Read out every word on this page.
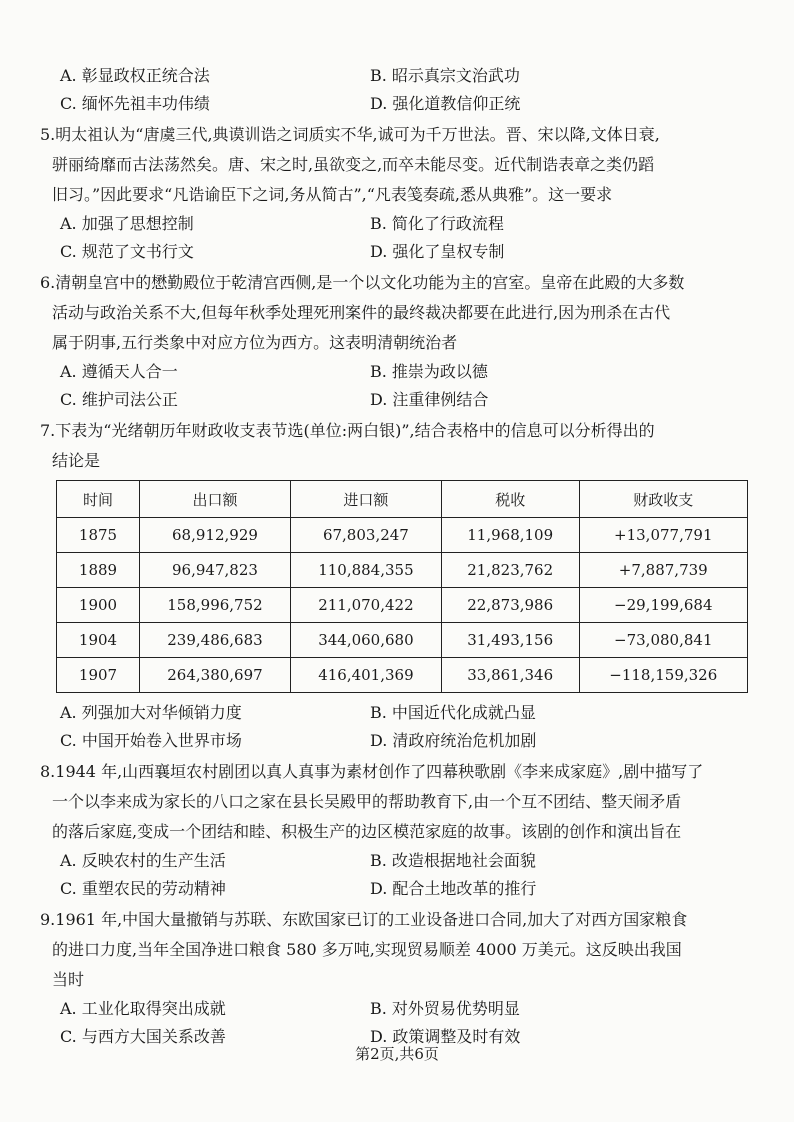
A. 彰显政权正统合法	B. 昭示真宗文治武功
C. 缅怀先祖丰功伟绩	D. 强化道教信仰正统
5.明太祖认为“唐虞三代,典谟训诰之词质实不华,诚可为千万世法。晋、宋以降,文体日衰,
骈丽绮靡而古法荡然矣。唐、宋之时,虽欲变之,而卒未能尽变。近代制诰表章之类仍蹈
旧习。”因此要求“凡诰谕臣下之词,务从简古”,“凡表笺奏疏,悉从典雅”。这一要求
A. 加强了思想控制	B. 简化了行政流程
C. 规范了文书行文	D. 强化了皇权专制
6.清朝皇宫中的懋勤殿位于乾清宫西侧,是一个以文化功能为主的宫室。皇帝在此殿的大多数
活动与政治关系不大,但每年秋季处理死刑案件的最终裁决都要在此进行,因为刑杀在古代
属于阴事,五行类象中对应方位为西方。这表明清朝统治者
A. 遵循天人合一	B. 推崇为政以德
C. 维护司法公正	D. 注重律例结合
7.下表为“光绪朝历年财政收支表节选(单位:两白银)”,结合表格中的信息可以分析得出的
结论是
时间	出口额	进口额	税收	财政收支
1875	68,912,929	67,803,247	11,968,109	+13,077,791
1889	96,947,823	110,884,355	21,823,762	+7,887,739
1900	158,996,752	211,070,422	22,873,986	−29,199,684
1904	239,486,683	344,060,680	31,493,156	−73,080,841
1907	264,380,697	416,401,369	33,861,346	−118,159,326
A. 列强加大对华倾销力度	B. 中国近代化成就凸显
C. 中国开始卷入世界市场	D. 清政府统治危机加剧
8.1944 年,山西襄垣农村剧团以真人真事为素材创作了四幕秧歌剧《李来成家庭》,剧中描写了
一个以李来成为家长的八口之家在县长吴殿甲的帮助教育下,由一个互不团结、整天闹矛盾
的落后家庭,变成一个团结和睦、积极生产的边区模范家庭的故事。该剧的创作和演出旨在
A. 反映农村的生产生活	B. 改造根据地社会面貌
C. 重塑农民的劳动精神	D. 配合土地改革的推行
9.1961 年,中国大量撤销与苏联、东欧国家已订的工业设备进口合同,加大了对西方国家粮食
的进口力度,当年全国净进口粮食 580 多万吨,实现贸易顺差 4000 万美元。这反映出我国
当时
A. 工业化取得突出成就	B. 对外贸易优势明显
C. 与西方大国关系改善	D. 政策调整及时有效
第2页,共6页
